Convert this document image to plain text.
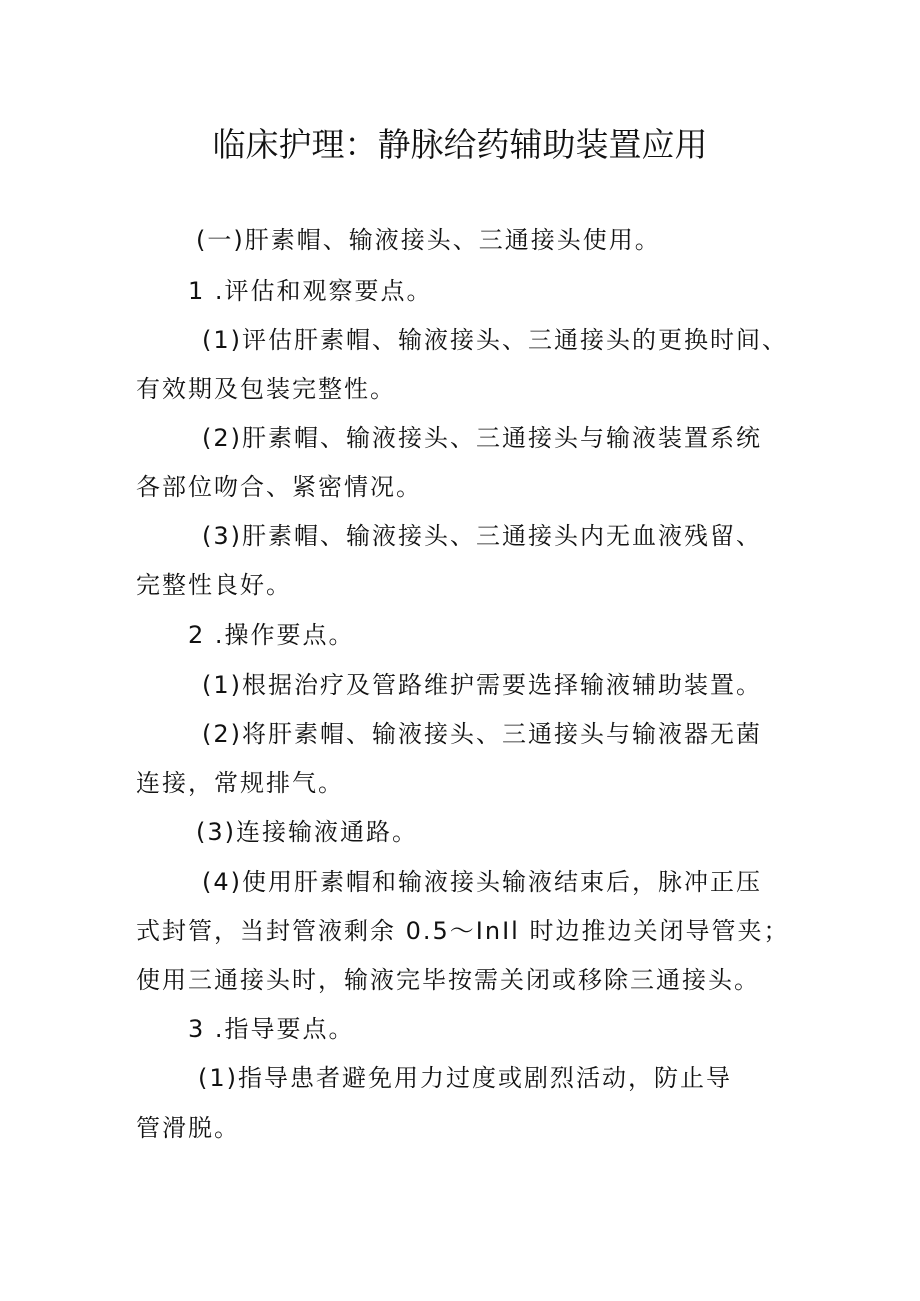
临床护理：静脉给药辅助装置应用

(一)肝素帽、输液接头、三通接头使用。

1 .评估和观察要点。

(1)评估肝素帽、输液接头、三通接头的更换时间、

有效期及包装完整性。

(2)肝素帽、输液接头、三通接头与输液装置系统

各部位吻合、紧密情况。

(3)肝素帽、输液接头、三通接头内无血液残留、

完整性良好。

2 .操作要点。

(1)根据治疗及管路维护需要选择输液辅助装置。

(2)将肝素帽、输液接头、三通接头与输液器无菌

连接，常规排气。

(3)连接输液通路。

(4)使用肝素帽和输液接头输液结束后，脉冲正压

式封管，当封管液剩余 0.5〜InIl 时边推边关闭导管夹；

使用三通接头时，输液完毕按需关闭或移除三通接头。

3 .指导要点。

(1)指导患者避免用力过度或剧烈活动，防止导

管滑脱。
